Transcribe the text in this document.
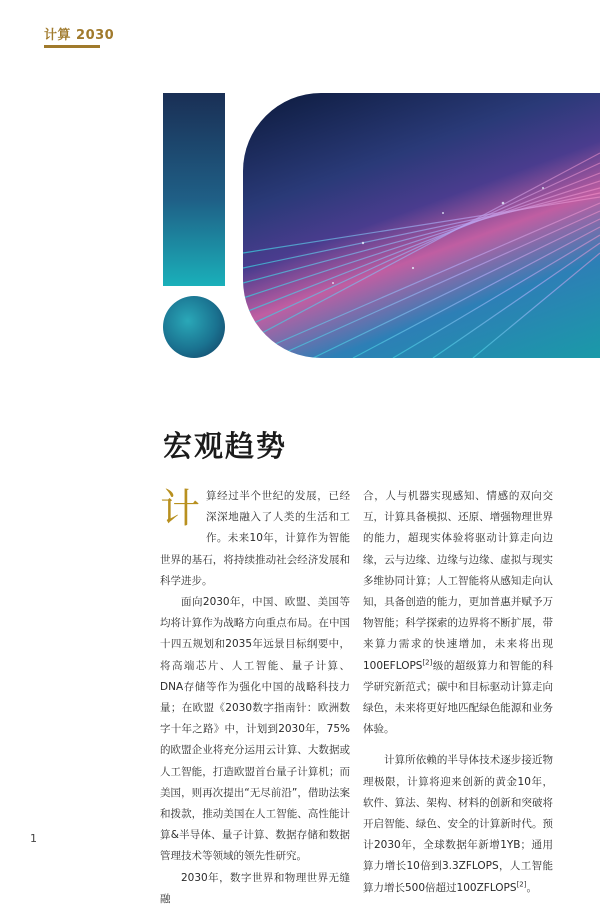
计算 2030
宏观趋势

计 算经过半个世纪的发展，已经深深地融入了人类的生活和工作。未来10年，计算作为智能世界的基石，将持续推动社会经济发展和科学进步。

面向2030年，中国、欧盟、美国等均将计算作为战略方向重点布局。在中国十四五规划和2035年远景目标纲要中，将高端芯片、人工智能、量子计算、DNA存储等作为强化中国的战略科技力量；在欧盟《2030数字指南针：欧洲数字十年之路》中，计划到2030年，75%的欧盟企业将充分运用云计算、大数据或人工智能，打造欧盟首台量子计算机；而美国，则再次提出“无尽前沿”，借助法案和拨款，推动美国在人工智能、高性能计算&半导体、量子计算、数据存储和数据管理技术等领域的领先性研究。

2030年，数字世界和物理世界无缝融

合，人与机器实现感知、情感的双向交互，计算具备模拟、还原、增强物理世界的能力，超现实体验将驱动计算走向边缘，云与边缘、边缘与边缘、虚拟与现实多维协同计算；人工智能将从感知走向认知，具备创造的能力，更加普惠并赋予万物智能；科学探索的边界将不断扩展，带来算力需求的快速增加，未来将出现100EFLOPS[2]级的超级算力和智能的科学研究新范式；碳中和目标驱动计算走向绿色，未来将更好地匹配绿色能源和业务体验。

计算所依赖的半导体技术逐步接近物理极限，计算将迎来创新的黄金10年，软件、算法、架构、材料的创新和突破将开启智能、绿色、安全的计算新时代。预计2030年，全球数据年新增1YB；通用算力增长10倍到3.3ZFLOPS，人工智能算力增长500倍超过100ZFLOPS[2]。

1
